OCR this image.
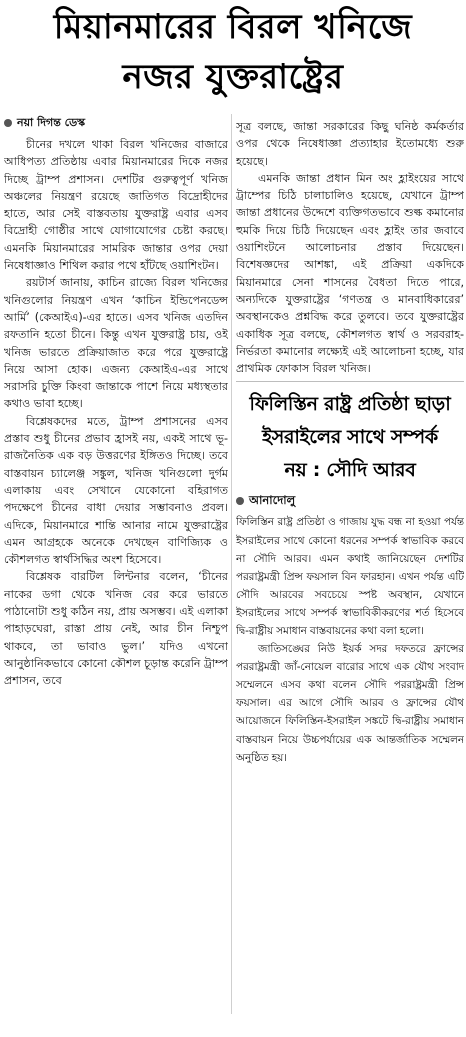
মিয়ানমারের বিরল খনিজে
নজর যুক্তরাষ্ট্রের
নয়া দিগন্ত ডেস্ক

চীনের দখলে থাকা বিরল খনিজের বাজারে আধিপত্য প্রতিষ্ঠায় এবার মিয়ানমারের দিকে নজর দিচ্ছে ট্রাম্প প্রশাসন। দেশটির গুরুত্বপূর্ণ খনিজ অঞ্চলের নিয়ন্ত্রণ রয়েছে জাতিগত বিদ্রোহীদের হাতে, আর সেই বাস্তবতায় যুক্তরাষ্ট্র এবার এসব বিদ্রোহী গোষ্ঠীর সাথে যোগাযোগের চেষ্টা করছে। এমনকি মিয়ানমারের সামরিক জান্তার ওপর দেয়া নিষেধাজ্ঞাও শিথিল করার পথে হাঁটছে ওয়াশিংটন।

রয়টার্স জানায়, কাচিন রাজ্যে বিরল খনিজের খনিগুলোর নিয়ন্ত্রণ এখন ‘কাচিন ইন্ডিপেনডেন্স আর্মি’ (কেআইএ)-এর হাতে। এসব খনিজ এতদিন রফতানি হতো চীনে। কিন্তু এখন যুক্তরাষ্ট্র চায়, ওই খনিজ ভারতে প্রক্রিয়াজাত করে পরে যুক্তরাষ্ট্রে নিয়ে আসা হোক। এজন্য কেআইএ-এর সাথে সরাসরি চুক্তি কিংবা জান্তাকে পাশে নিয়ে মধ্যস্থতার কথাও ভাবা হচ্ছে।

বিশ্লেষকদের মতে, ট্রাম্প প্রশাসনের এসব প্রস্তাব শুধু চীনের প্রভাব হ্রাসই নয়, একই সাথে ভূ-রাজনৈতিক এক বড় উত্তরণের ইঙ্গিতও দিচ্ছে। তবে বাস্তবায়ন চ্যালেঞ্জ সঙ্কুল, খনিজ খনিগুলো দুর্গম এলাকায় এবং সেখানে যেকোনো বহিরাগত পদক্ষেপে চীনের বাধা দেয়ার সম্ভাবনাও প্রবল। এদিকে, মিয়ানমারে শান্তি আনার নামে যুক্তরাষ্ট্রের এমন আগ্রহকে অনেকে দেখছেন বাণিজ্যিক ও কৌশলগত স্বার্থসিদ্ধির অংশ হিসেবে।

বিশ্লেষক বারটিল লিন্টনার বলেন, ‘চীনের নাকের ডগা থেকে খনিজ বের করে ভারতে পাঠানোটা শুধু কঠিন নয়, প্রায় অসম্ভব। এই এলাকা পাহাড়ঘেরা, রাস্তা প্রায় নেই, আর চীন নিশ্চুপ থাকবে, তা ভাবাও ভুল।’ যদিও এখনো আনুষ্ঠানিকভাবে কোনো কৌশল চূড়ান্ত করেনি ট্রাম্প প্রশাসন, তবে

সূত্র বলছে, জান্তা সরকারের কিছু ঘনিষ্ঠ কর্মকর্তার ওপর থেকে নিষেধাজ্ঞা প্রত্যাহার ইতোমধ্যে শুরু হয়েছে।

এমনকি জান্তা প্রধান মিন অং হ্লাইংয়ের সাথে ট্রাম্পের চিঠি চালাচালিও হয়েছে, যেখানে ট্রাম্প জান্তা প্রধানের উদ্দেশে ব্যক্তিগতভাবে শুল্ক কমানোর হুমকি দিয়ে চিঠি দিয়েছেন এবং হ্লাইং তার জবাবে ওয়াশিংটনে আলোচনার প্রস্তাব দিয়েছেন। বিশেষজ্ঞদের আশঙ্কা, এই প্রক্রিয়া একদিকে মিয়ানমারে সেনা শাসনের বৈধতা দিতে পারে, অন্যদিকে যুক্তরাষ্ট্রের ‘গণতন্ত্র ও মানবাধিকারের’ অবস্থানকেও প্রশ্নবিদ্ধ করে তুলবে। তবে যুক্তরাষ্ট্রের একাধিক সূত্র বলছে, কৌশলগত স্বার্থ ও সরবরাহ-নির্ভরতা কমানোর লক্ষ্যেই এই আলোচনা হচ্ছে, যার প্রাথমিক ফোকাস বিরল খনিজ।

ফিলিস্তিন রাষ্ট্র প্রতিষ্ঠা ছাড়া
ইসরাইলের সাথে সম্পর্ক
নয় : সৌদি আরব
আনাদোলু

ফিলিস্তিন রাষ্ট্র প্রতিষ্ঠা ও গাজায় যুদ্ধ বন্ধ না হওয়া পর্যন্ত ইসরাইলের সাথে কোনো ধরনের সম্পর্ক স্বাভাবিক করবে না সৌদি আরব। এমন কথাই জানিয়েছেন দেশটির পররাষ্ট্রমন্ত্রী প্রিন্স ফয়সাল বিন ফারহান। এখন পর্যন্ত এটি সৌদি আরবের সবচেয়ে স্পষ্ট অবস্থান, যেখানে ইসরাইলের সাথে সম্পর্ক স্বাভাবিকীকরণের শর্ত হিসেবে দ্বি-রাষ্ট্রীয় সমাধান বাস্তবায়নের কথা বলা হলো।

জাতিসঙ্ঘের নিউ ইয়র্ক সদর দফতরে ফ্রান্সের পররাষ্ট্রমন্ত্রী জাঁ-নোয়েল বারোর সাথে এক যৌথ সংবাদ সম্মেলনে এসব কথা বলেন সৌদি পররাষ্ট্রমন্ত্রী প্রিন্স ফয়সাল। এর আগে সৌদি আরব ও ফ্রান্সের যৌথ আয়োজনে ফিলিস্তিন-ইসরাইল সঙ্কটে দ্বি-রাষ্ট্রীয় সমাধান বাস্তবায়ন নিয়ে উচ্চপর্যায়ের এক আন্তর্জাতিক সম্মেলন অনুষ্ঠিত হয়।
